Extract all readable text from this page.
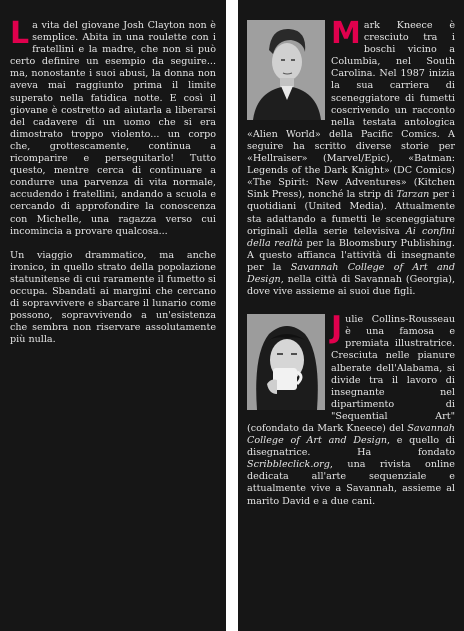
La vita del giovane Josh Clayton non è semplice. Abita in una roulette con i fratellini e la madre, che non si può certo definire un esempio da seguire... ma, nonostante i suoi abusi, la donna non aveva mai raggiunto prima il limite superato nella fatidica notte. E così il giovane è costretto ad aiutarla a liberarsi del cadavere di un uomo che si era dimostrato troppo violento... un corpo che, grottescamente, continua a ricomparire e perseguitarlo! Tutto questo, mentre cerca di continuare a condurre una parvenza di vita normale, accudendo i fratellini, andando a scuola e cercando di approfondire la conoscenza con Michelle, una ragazza verso cui incomincia a provare qualcosa...

Un viaggio drammatico, ma anche ironico, in quello strato della popolazione statunitense di cui raramente il fumetto si occupa. Sbandati ai margini che cercano di sopravvivere e sbarcare il lunario come possono, sopravvivendo a un'esistenza che sembra non riservare assolutamente più nulla.

Mark Kneece è cresciuto tra i boschi vicino a Columbia, nel South Carolina. Nel 1987 inizia la sua carriera di sceneggiatore di fumetti coscrivendo un racconto nella testata antologica «Alien World» della Pacific Comics. A seguire ha scritto diverse storie per «Hellraiser» (Marvel/Epic), «Batman: Legends of the Dark Knight» (DC Comics) «The Spirit: New Adventures» (Kitchen Sink Press), nonché la strip di Tarzan per i quotidiani (United Media). Attualmente sta adattando a fumetti le sceneggiature originali della serie televisiva Ai confini della realtà per la Bloomsbury Publishing. A questo affianca l'attività di insegnante per la Savannah College of Art and Design, nella città di Savannah (Georgia), dove vive assieme ai suoi due figli.

Julie Collins-Rousseau è una famosa e premiata illustratrice. Cresciuta nelle pianure alberate dell'Alabama, si divide tra il lavoro di insegnante nel dipartimento di "Sequential Art" (cofondato da Mark Kneece) del Savannah College of Art and Design, e quello di disegnatrice. Ha fondato Scribbleclick.org, una rivista online dedicata all'arte sequenziale e attualmente vive a Savannah, assieme al marito David e a due cani.
